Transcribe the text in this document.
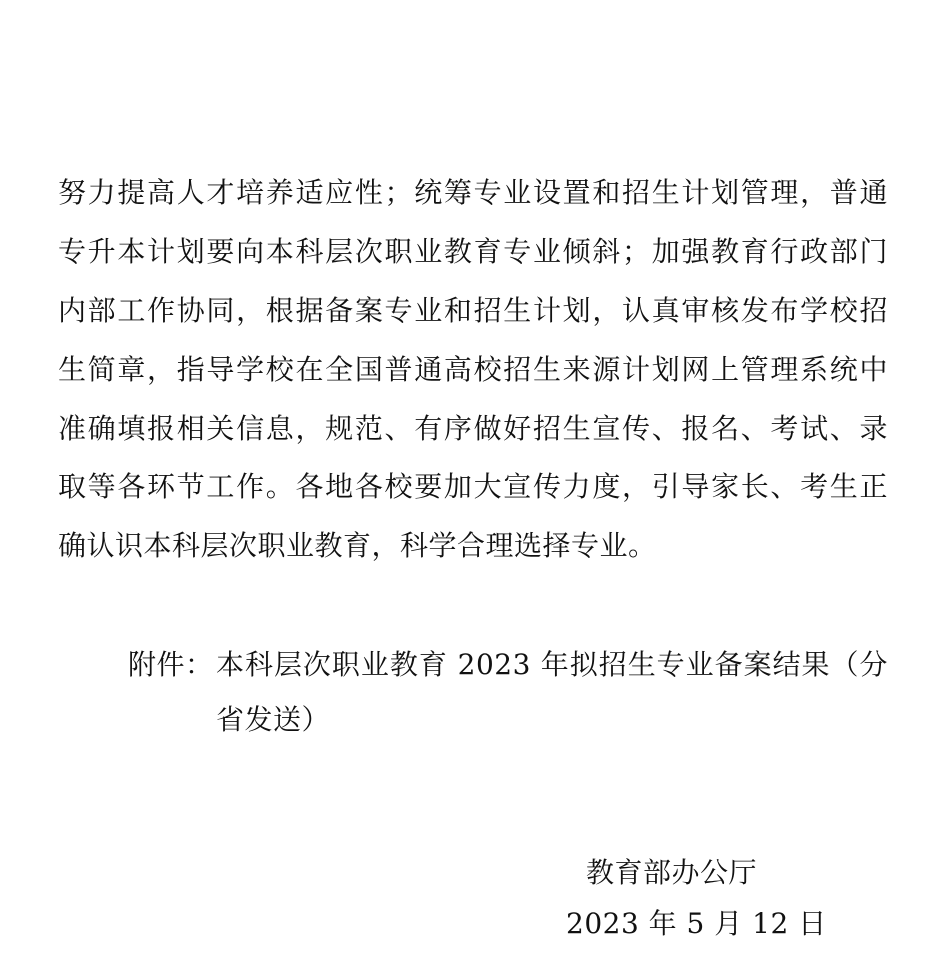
努力提高人才培养适应性；统筹专业设置和招生计划管理，普通
专升本计划要向本科层次职业教育专业倾斜；加强教育行政部门
内部工作协同，根据备案专业和招生计划，认真审核发布学校招
生简章，指导学校在全国普通高校招生来源计划网上管理系统中
准确填报相关信息，规范、有序做好招生宣传、报名、考试、录
取等各环节工作。各地各校要加大宣传力度，引导家长、考生正
确认识本科层次职业教育，科学合理选择专业。
附件： 本科层次职业教育 2023 年拟招生专业备案结果（分
省发送）
教育部办公厅
2023 年 5 月 12 日
